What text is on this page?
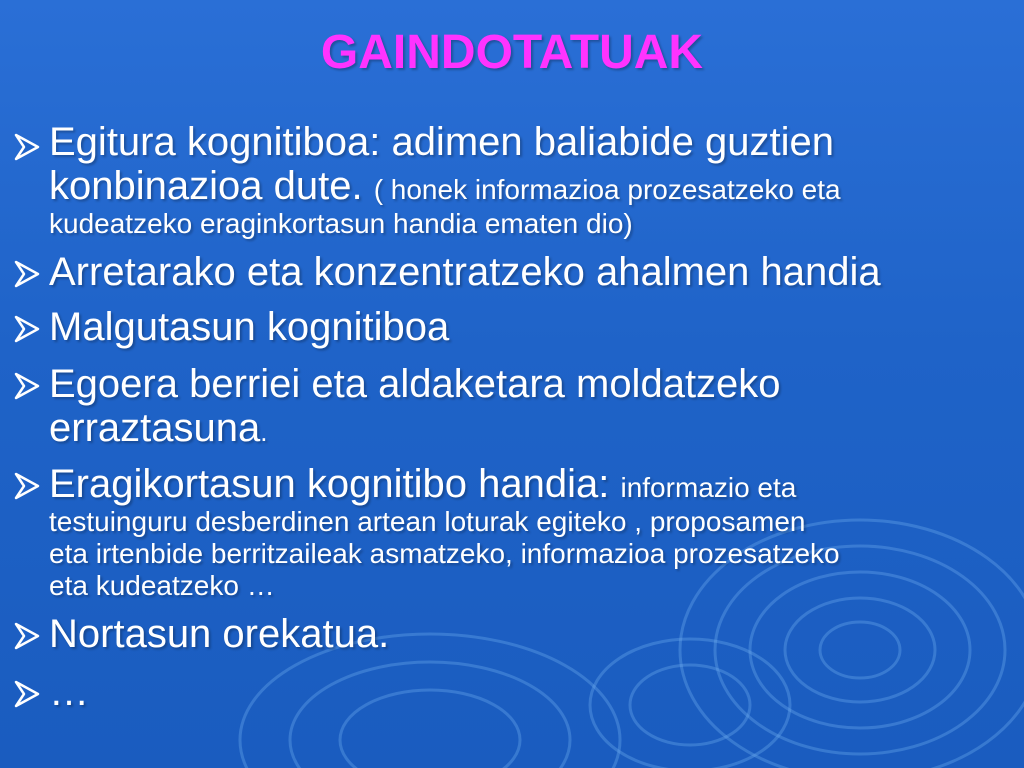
GAINDOTATUAK
Egitura kognitiboa: adimen baliabide guztien
konbinazioa dute. ( honek informazioa prozesatzeko eta
kudeatzeko eraginkortasun handia ematen dio)
Arretarako eta konzentratzeko ahalmen handia
Malgutasun kognitiboa
Egoera berriei eta aldaketara moldatzeko
erraztasuna.
Eragikortasun kognitibo handia: informazio eta
testuinguru desberdinen artean loturak egiteko , proposamen
eta irtenbide berritzaileak asmatzeko, informazioa prozesatzeko
eta kudeatzeko …
Nortasun orekatua.
…
